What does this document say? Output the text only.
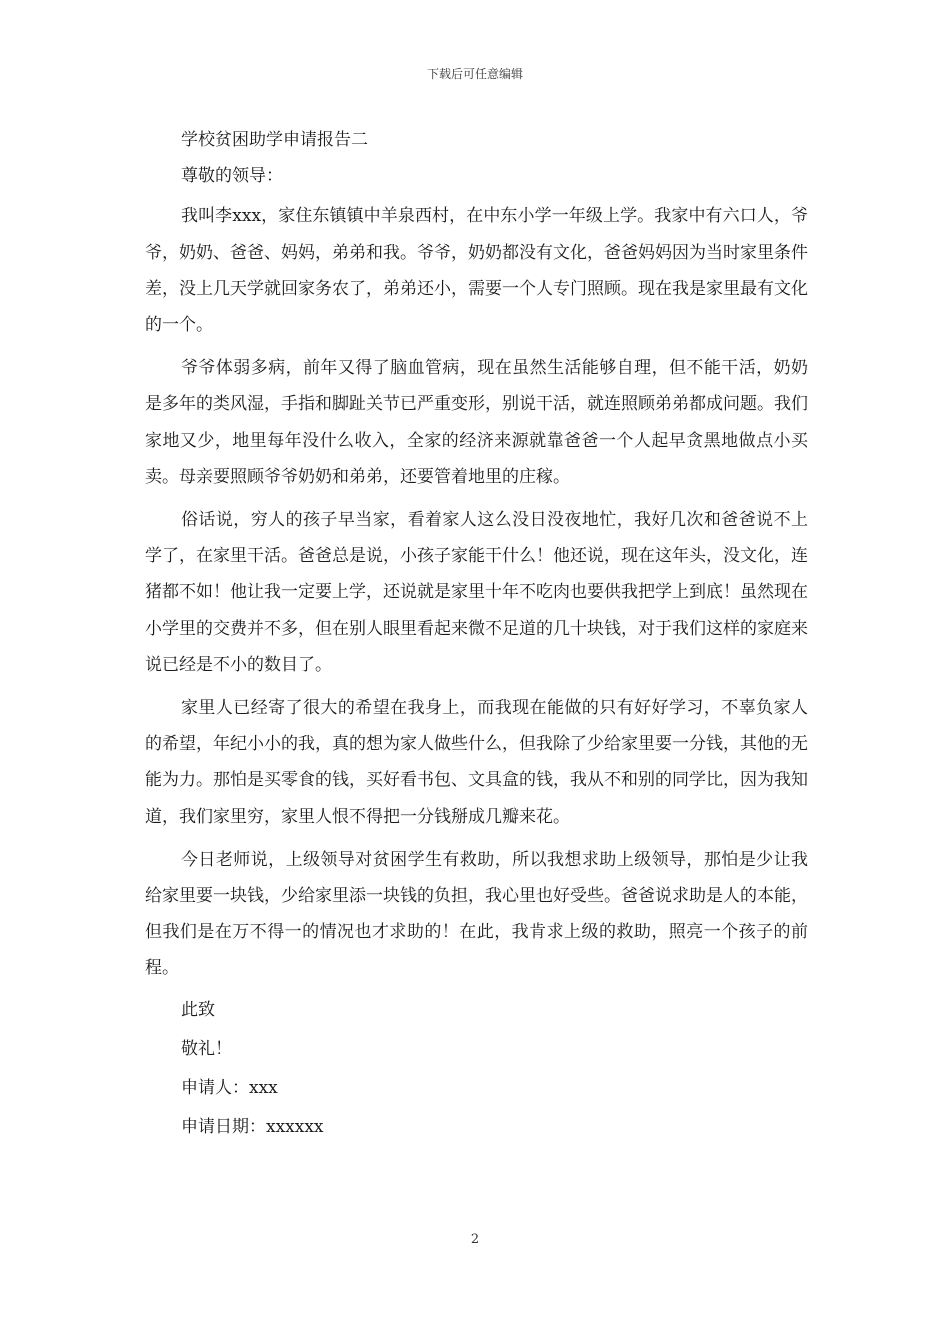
下载后可任意编辑

学校贫困助学申请报告二

尊敬的领导：

我叫李xxx，家住东镇镇中羊泉西村，在中东小学一年级上学。我家中有六口人，爷爷，奶奶、爸爸、妈妈，弟弟和我。爷爷，奶奶都没有文化，爸爸妈妈因为当时家里条件差，没上几天学就回家务农了，弟弟还小，需要一个人专门照顾。现在我是家里最有文化的一个。

爷爷体弱多病，前年又得了脑血管病，现在虽然生活能够自理，但不能干活，奶奶是多年的类风湿，手指和脚趾关节已严重变形，别说干活，就连照顾弟弟都成问题。我们家地又少，地里每年没什么收入，全家的经济来源就靠爸爸一个人起早贪黑地做点小买卖。母亲要照顾爷爷奶奶和弟弟，还要管着地里的庄稼。

俗话说，穷人的孩子早当家，看着家人这么没日没夜地忙，我好几次和爸爸说不上学了，在家里干活。爸爸总是说，小孩子家能干什么！他还说，现在这年头，没文化，连猪都不如！他让我一定要上学，还说就是家里十年不吃肉也要供我把学上到底！虽然现在小学里的交费并不多，但在别人眼里看起来微不足道的几十块钱，对于我们这样的家庭来说已经是不小的数目了。

家里人已经寄了很大的希望在我身上，而我现在能做的只有好好学习，不辜负家人的希望，年纪小小的我，真的想为家人做些什么，但我除了少给家里要一分钱，其他的无能为力。那怕是买零食的钱，买好看书包、文具盒的钱，我从不和别的同学比，因为我知道，我们家里穷，家里人恨不得把一分钱掰成几瓣来花。

今日老师说，上级领导对贫困学生有救助，所以我想求助上级领导，那怕是少让我给家里要一块钱，少给家里添一块钱的负担，我心里也好受些。爸爸说求助是人的本能，但我们是在万不得一的情况也才求助的！在此，我肯求上级的救助，照亮一个孩子的前程。

此致

敬礼！

申请人：xxx

申请日期：xxxxxx

2
